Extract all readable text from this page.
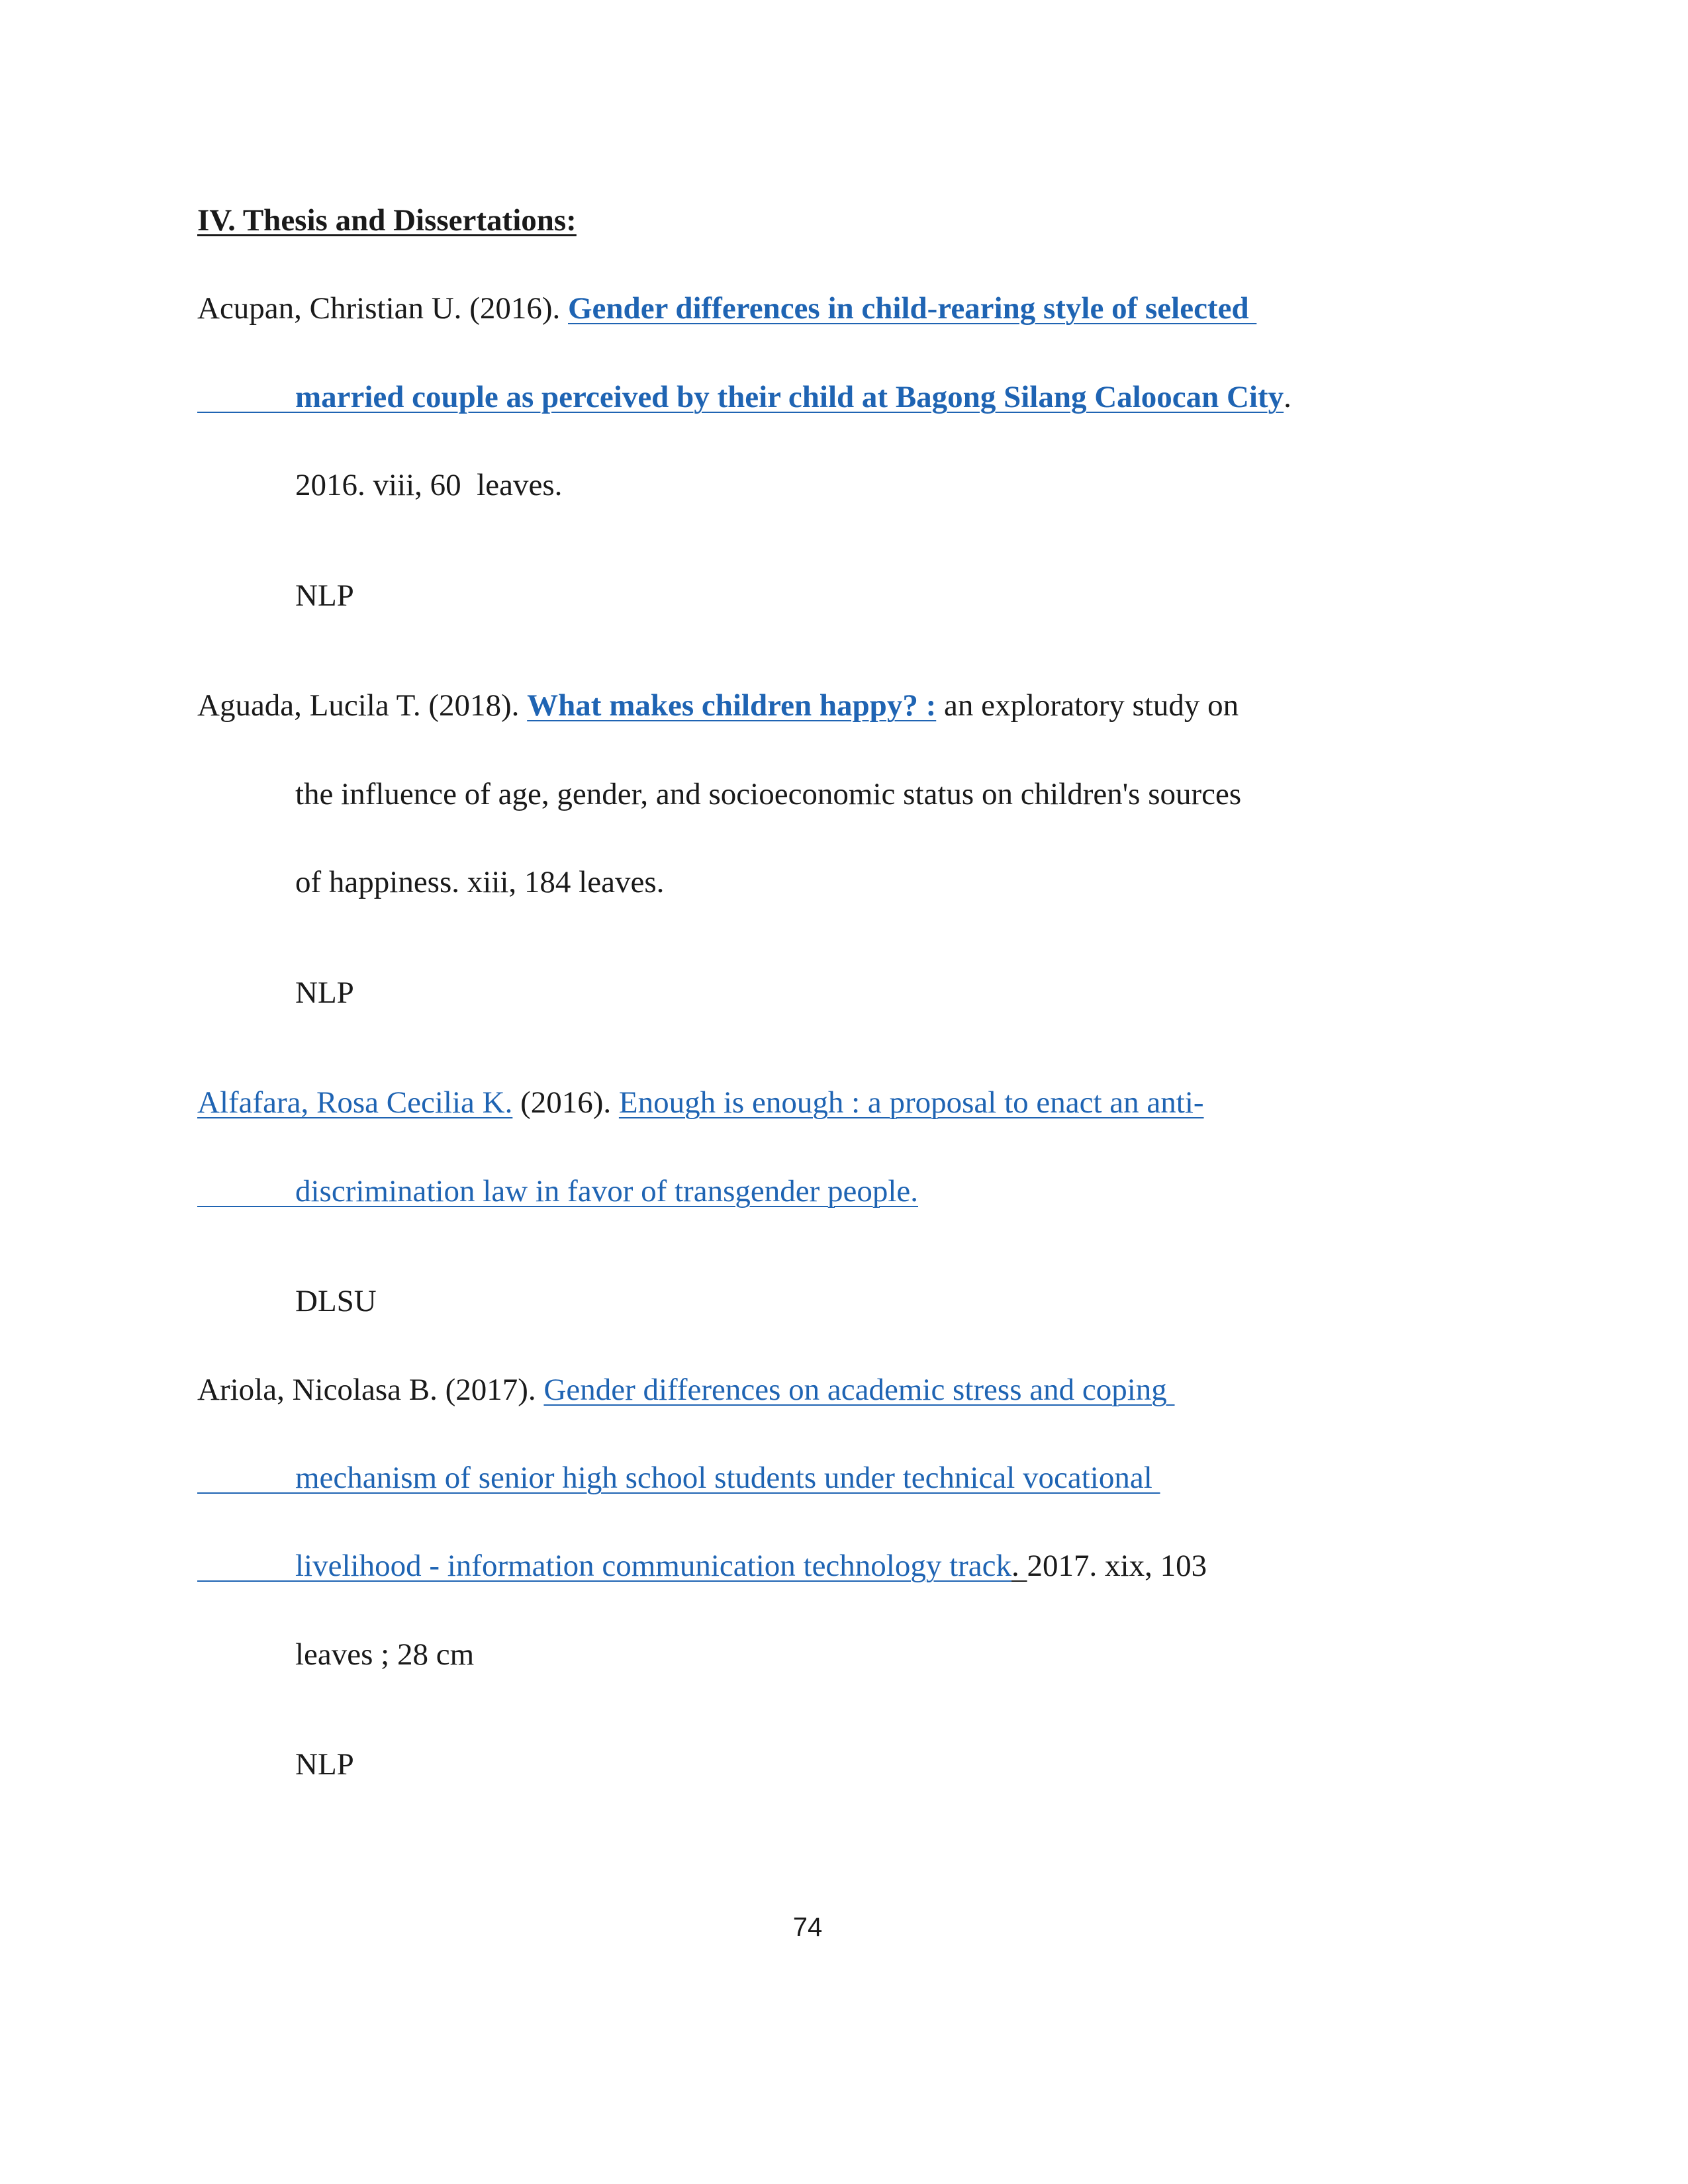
IV. Thesis and Dissertations:
Acupan, Christian U. (2016). Gender differences in child-rearing style of selected
married couple as perceived by their child at Bagong Silang Caloocan City.
2016. viii, 60  leaves.
NLP
Aguada, Lucila T. (2018). What makes children happy? : an exploratory study on
the influence of age, gender, and socioeconomic status on children's sources
of happiness. xiii, 184 leaves.
NLP
Alfafara, Rosa Cecilia K. (2016). Enough is enough : a proposal to enact an anti-
discrimination law in favor of transgender people.
DLSU
Ariola, Nicolasa B. (2017). Gender differences on academic stress and coping
mechanism of senior high school students under technical vocational
livelihood - information communication technology track. 2017. xix, 103
leaves ; 28 cm
NLP
74
